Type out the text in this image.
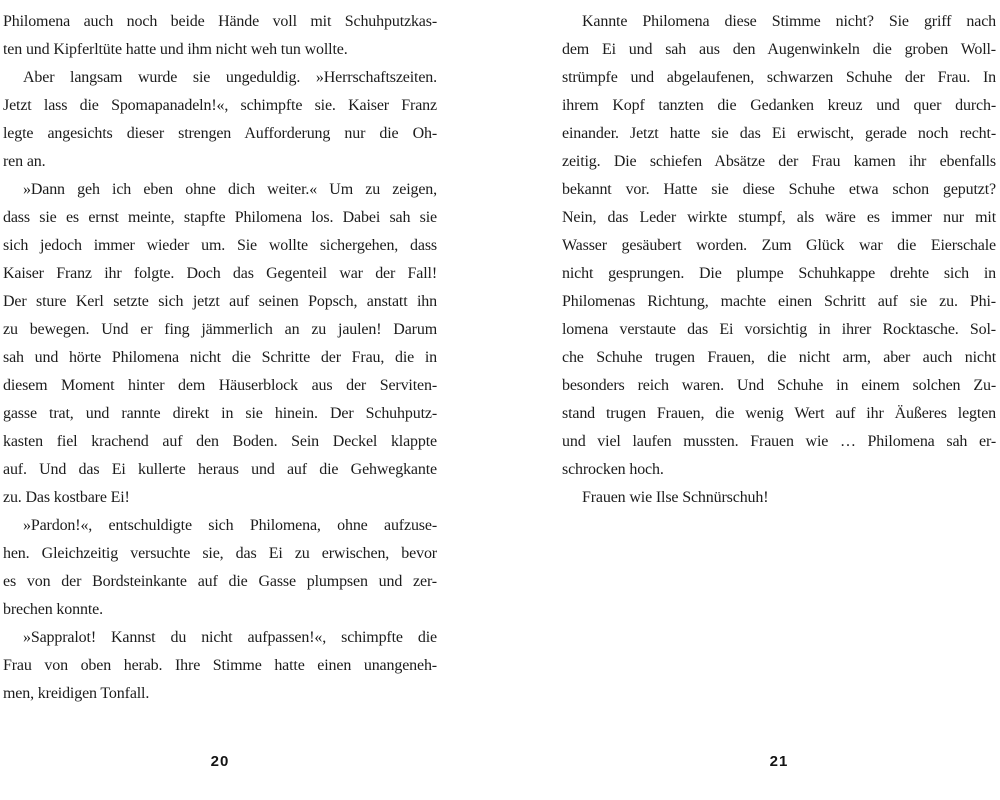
Philomena auch noch beide Hände voll mit Schuhputzkas-
ten und Kipferltüte hatte und ihm nicht weh tun wollte.
Aber langsam wurde sie ungeduldig. »Herrschaftszeiten.
Jetzt lass die Spomapanadeln!«, schimpfte sie. Kaiser Franz
legte angesichts dieser strengen Aufforderung nur die Oh-
ren an.
»Dann geh ich eben ohne dich weiter.« Um zu zeigen,
dass sie es ernst meinte, stapfte Philomena los. Dabei sah sie
sich jedoch immer wieder um. Sie wollte sichergehen, dass
Kaiser Franz ihr folgte. Doch das Gegenteil war der Fall!
Der sture Kerl setzte sich jetzt auf seinen Popsch, anstatt ihn
zu bewegen. Und er fing jämmerlich an zu jaulen! Darum
sah und hörte Philomena nicht die Schritte der Frau, die in
diesem Moment hinter dem Häuserblock aus der Serviten-
gasse trat, und rannte direkt in sie hinein. Der Schuhputz-
kasten fiel krachend auf den Boden. Sein Deckel klappte
auf. Und das Ei kullerte heraus und auf die Gehwegkante
zu. Das kostbare Ei!
»Pardon!«, entschuldigte sich Philomena, ohne aufzuse-
hen. Gleichzeitig versuchte sie, das Ei zu erwischen, bevor
es von der Bordsteinkante auf die Gasse plumpsen und zer-
brechen konnte.
»Sappralot! Kannst du nicht aufpassen!«, schimpfte die
Frau von oben herab. Ihre Stimme hatte einen unangeneh-
men, kreidigen Tonfall.
Kannte Philomena diese Stimme nicht? Sie griff nach
dem Ei und sah aus den Augenwinkeln die groben Woll-
strümpfe und abgelaufenen, schwarzen Schuhe der Frau. In
ihrem Kopf tanzten die Gedanken kreuz und quer durch-
einander. Jetzt hatte sie das Ei erwischt, gerade noch recht-
zeitig. Die schiefen Absätze der Frau kamen ihr ebenfalls
bekannt vor. Hatte sie diese Schuhe etwa schon geputzt?
Nein, das Leder wirkte stumpf, als wäre es immer nur mit
Wasser gesäubert worden. Zum Glück war die Eierschale
nicht gesprungen. Die plumpe Schuhkappe drehte sich in
Philomenas Richtung, machte einen Schritt auf sie zu. Phi-
lomena verstaute das Ei vorsichtig in ihrer Rocktasche. Sol-
che Schuhe trugen Frauen, die nicht arm, aber auch nicht
besonders reich waren. Und Schuhe in einem solchen Zu-
stand trugen Frauen, die wenig Wert auf ihr Äußeres legten
und viel laufen mussten. Frauen wie … Philomena sah er-
schrocken hoch.
Frauen wie Ilse Schnürschuh!
20	21
